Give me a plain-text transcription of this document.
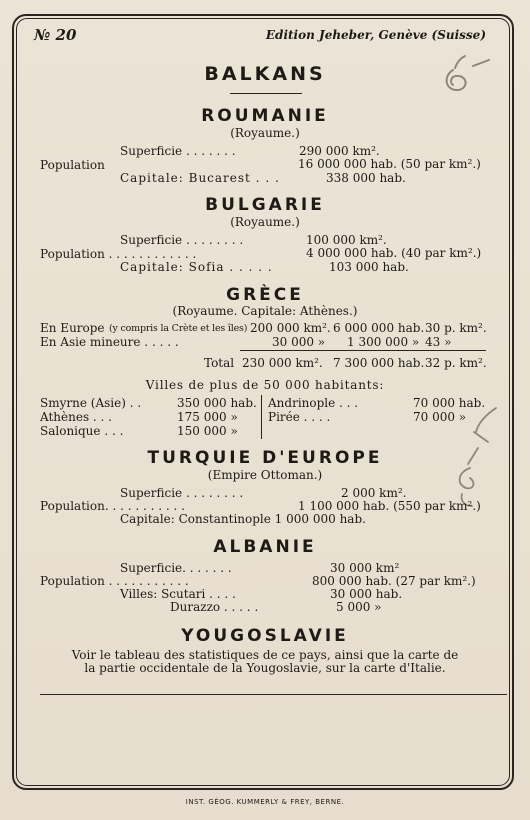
№ 20	Edition Jeheber, Genève (Suisse)
BALKANS
ROUMANIE
(Royaume.)
Superficie . . . . . . .	290 000 km².
Population	16 000 000 hab. (50 par km².)
Capitale: Bucarest . . .	338 000 hab.
BULGARIE
(Royaume.)
Superficie . . . . . . . .	100 000 km².
Population . . . . . . . . . . . .	4 000 000 hab. (40 par km².)
Capitale: Sofia . . . . .	103 000 hab.
GRÈCE
(Royaume. Capitale: Athènes.)
En Europe (y compris la Crète et les îles) 200 000 km². 6 000 000 hab. 30 p. km².
En Asie mineure . . . . .	30 000 » 1 300 000 » 43 »
Total 230 000 km². 7 300 000 hab. 32 p. km².
Villes de plus de 50 000 habitants:
Smyrne (Asie) . .	350 000 hab.
Athènes . . .	175 000 »
Salonique . . .	150 000 »
Andrinople . . .	70 000 hab.
Pirée . . . .	70 000 »
TURQUIE D'EUROPE
(Empire Ottoman.)
Superficie . . . . . . . .	2 000 km².
Population. . . . . . . . . . .	1 100 000 hab. (550 par km².)
Capitale: Constantinople 1 000 000 hab.
ALBANIE
Superficie. . . . . . .	30 000 km²
Population . . . . . . . . . . .	800 000 hab. (27 par km².)
Villes: Scutari . . . .	30 000 hab.
Durazzo . . . . .	5 000 »
YOUGOSLAVIE
Voir le tableau des statistiques de ce pays, ainsi que la carte de
la partie occidentale de la Yougoslavie, sur la carte d'Italie.
INST. GÉOG. KUMMERLY & FREY, BERNE.
